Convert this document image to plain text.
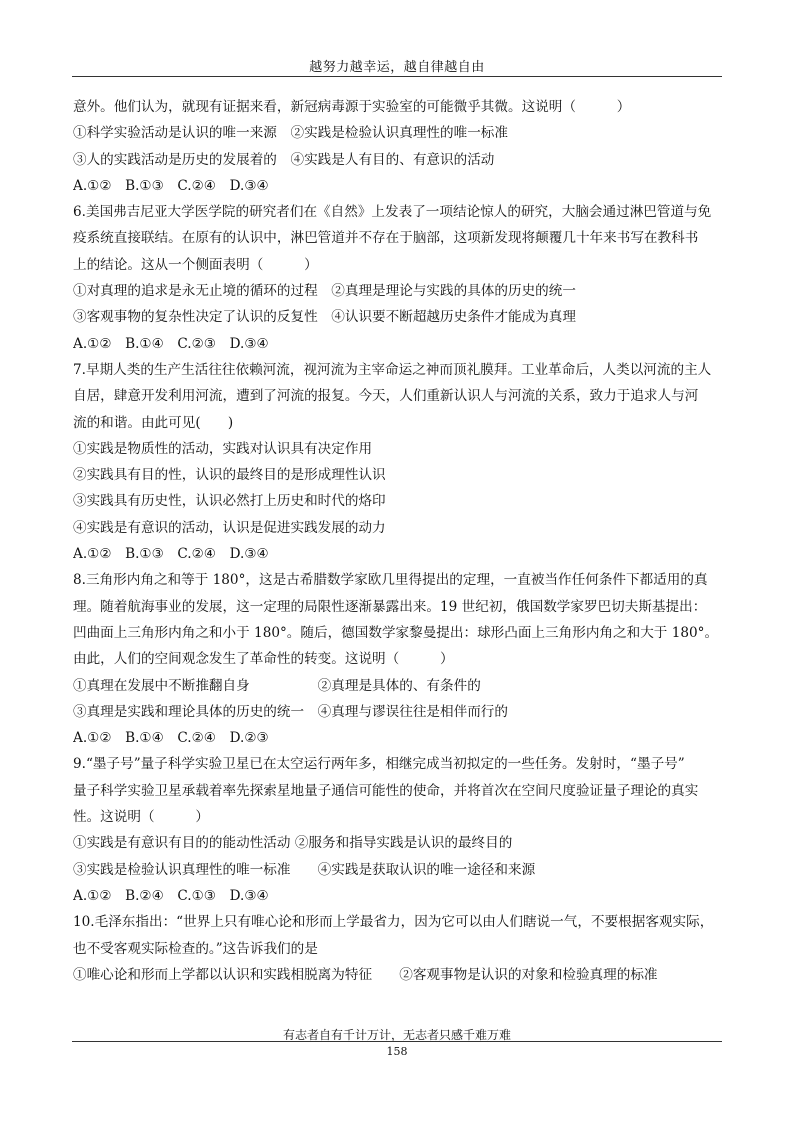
越努力越幸运，越自律越自由
意外。他们认为，就现有证据来看，新冠病毒源于实验室的可能微乎其微。这说明（　　　）
①科学实验活动是认识的唯一来源　②实践是检验认识真理性的唯一标准
③人的实践活动是历史的发展着的　④实践是人有目的、有意识的活动
A.①②　B.①③　C.②④　D.③④
6.美国弗吉尼亚大学医学院的研究者们在《自然》上发表了一项结论惊人的研究，大脑会通过淋巴管道与免
疫系统直接联结。在原有的认识中，淋巴管道并不存在于脑部，这项新发现将颠覆几十年来书写在教科书
上的结论。这从一个侧面表明（　　　）
①对真理的追求是永无止境的循环的过程　②真理是理论与实践的具体的历史的统一
③客观事物的复杂性决定了认识的反复性　④认识要不断超越历史条件才能成为真理
A.①②　B.①④　C.②③　D.③④
7.早期人类的生产生活往往依赖河流，视河流为主宰命运之神而顶礼膜拜。工业革命后，人类以河流的主人
自居，肆意开发利用河流，遭到了河流的报复。今天，人们重新认识人与河流的关系，致力于追求人与河
流的和谐。由此可见(　　)
①实践是物质性的活动，实践对认识具有决定作用
②实践具有目的性，认识的最终目的是形成理性认识
③实践具有历史性，认识必然打上历史和时代的烙印
④实践是有意识的活动，认识是促进实践发展的动力
A.①②　B.①③　C.②④　D.③④
8.三角形内角之和等于 180°，这是古希腊数学家欧几里得提出的定理，一直被当作任何条件下都适用的真
理。随着航海事业的发展，这一定理的局限性逐渐暴露出来。19 世纪初，俄国数学家罗巴切夫斯基提出：
凹曲面上三角形内角之和小于 180°。随后，德国数学家黎曼提出：球形凸面上三角形内角之和大于 180°。
由此，人们的空间观念发生了革命性的转变。这说明（　　　）
①真理在发展中不断推翻自身　　　　　②真理是具体的、有条件的
③真理是实践和理论具体的历史的统一　④真理与谬误往往是相伴而行的
A.①②　B.①④　C.②④　D.②③
9.“墨子号”量子科学实验卫星已在太空运行两年多，相继完成当初拟定的一些任务。发射时，“墨子号”
量子科学实验卫星承载着率先探索星地量子通信可能性的使命，并将首次在空间尺度验证量子理论的真实
性。这说明（　　　）
①实践是有意识有目的的能动性活动 ②服务和指导实践是认识的最终目的
③实践是检验认识真理性的唯一标准　　④实践是获取认识的唯一途径和来源
A.①②　B.②④　C.①③　D.③④
10.毛泽东指出：“世界上只有唯心论和形而上学最省力，因为它可以由人们瞎说一气，不要根据客观实际，
也不受客观实际检查的。”这告诉我们的是
①唯心论和形而上学都以认识和实践相脱离为特征　　②客观事物是认识的对象和检验真理的标准
有志者自有千计万计，无志者只感千难万难
158
